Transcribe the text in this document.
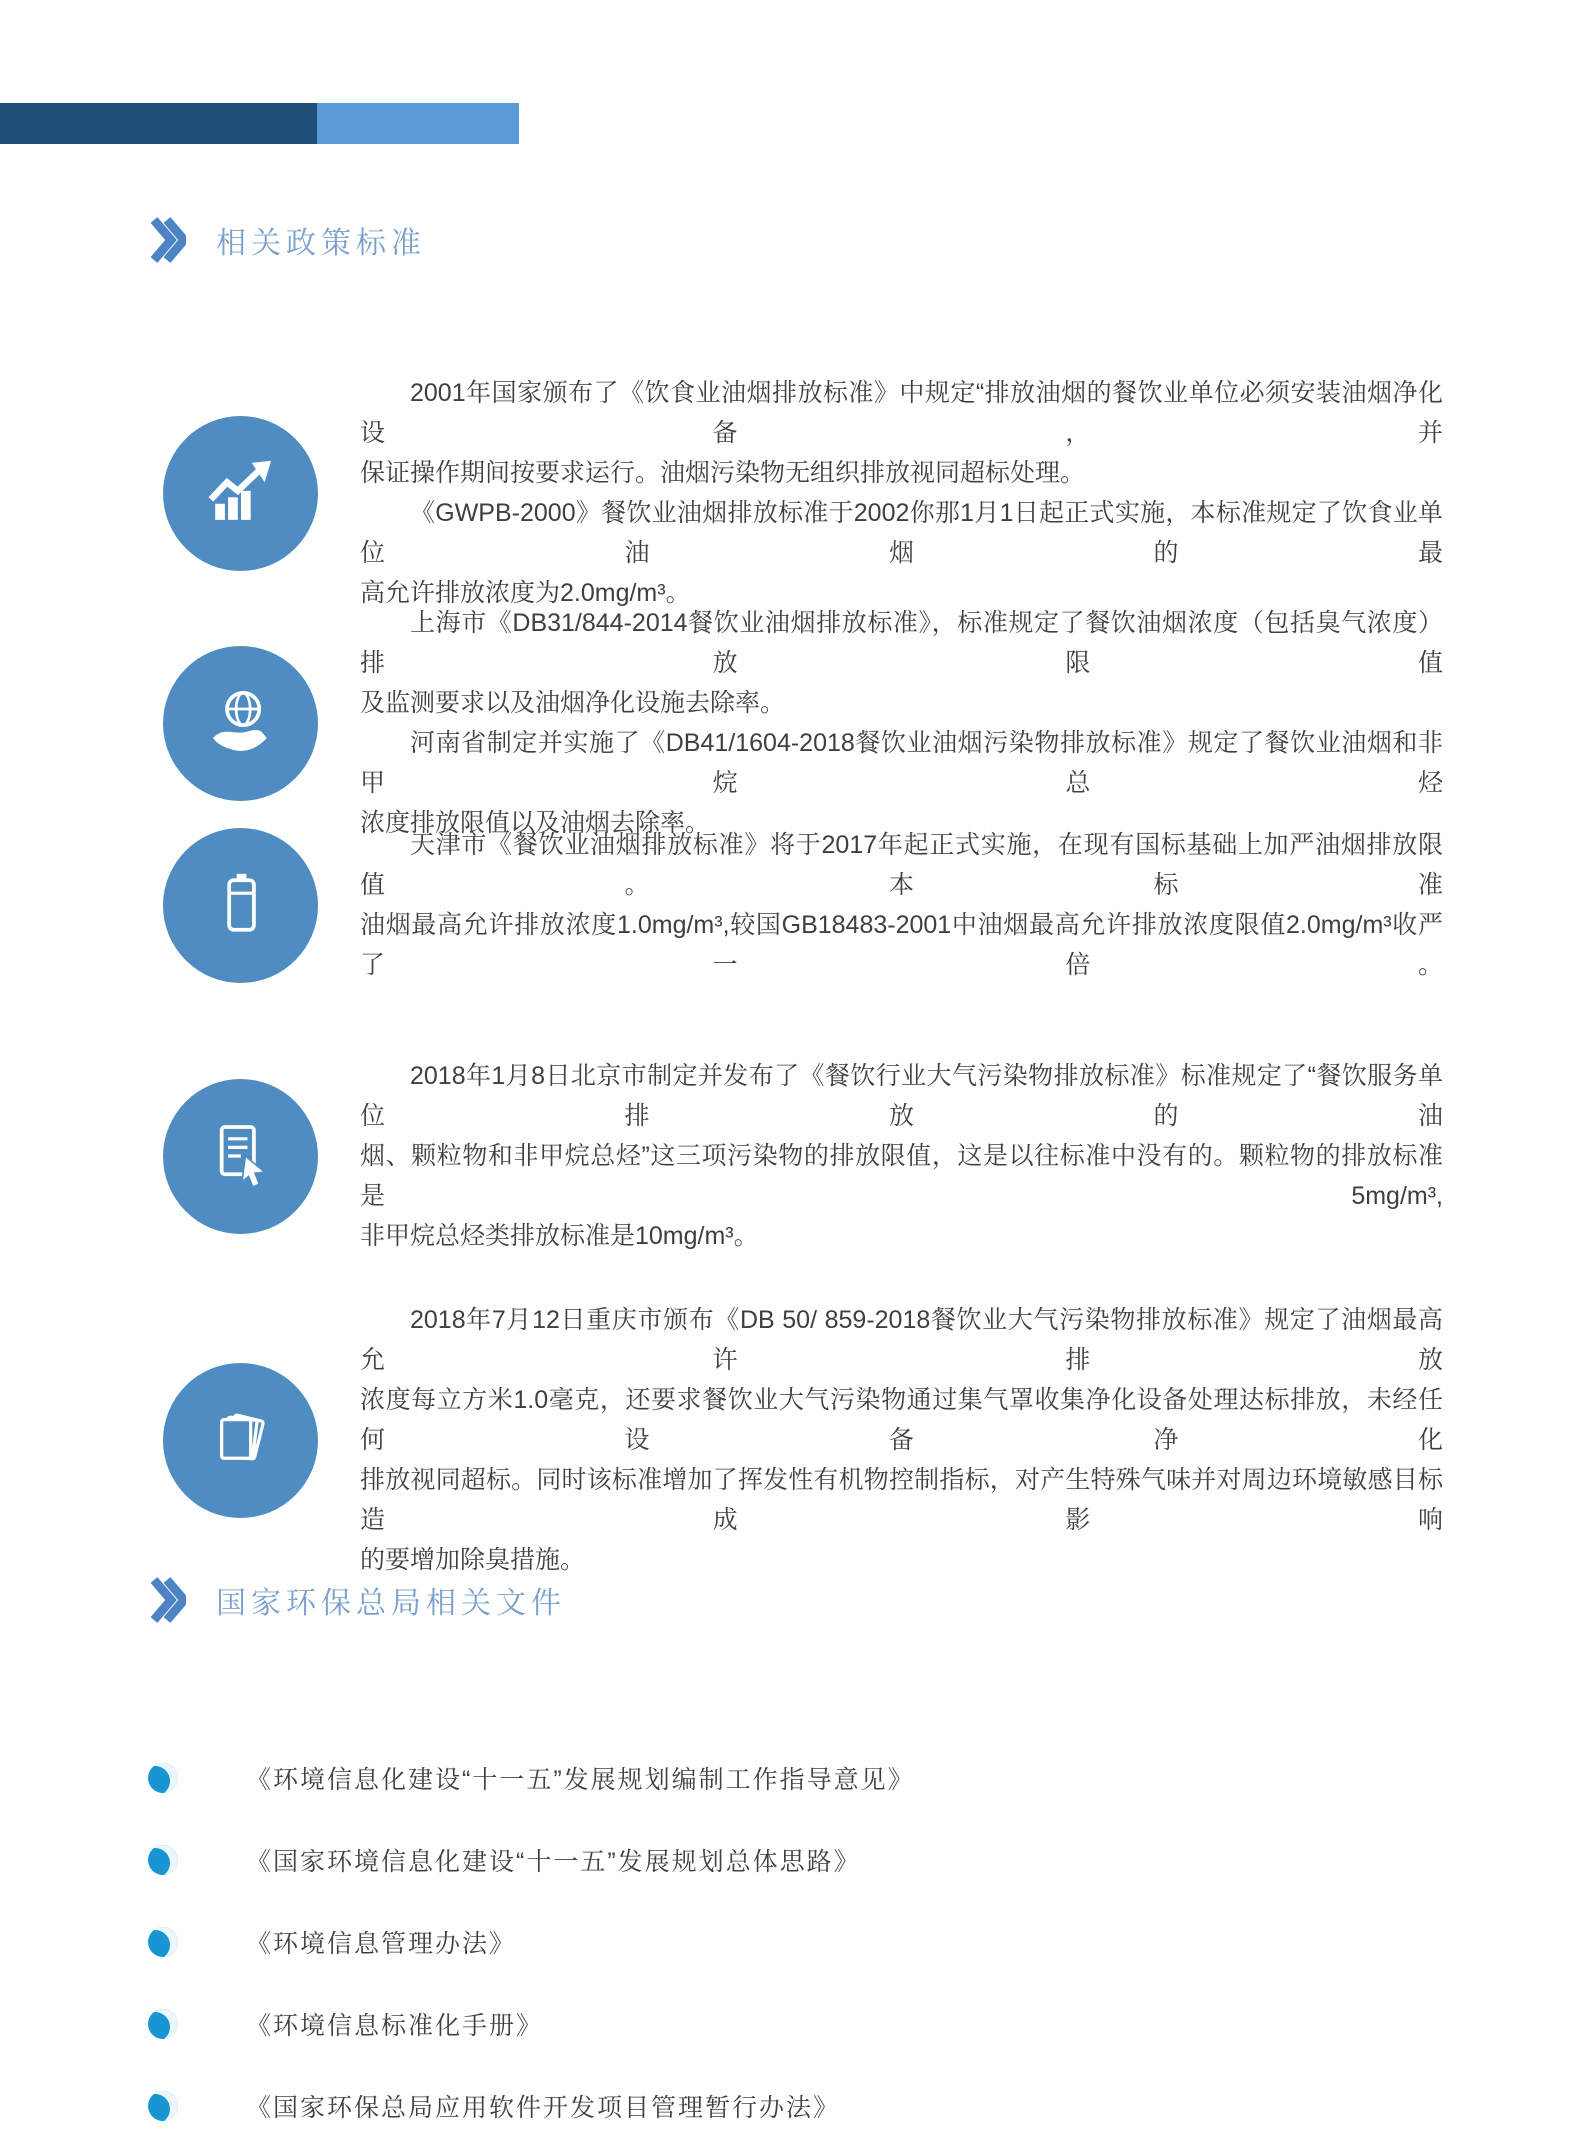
相关政策标准
2001年国家颁布了《饮食业油烟排放标准》中规定“排放油烟的餐饮业单位必须安装油烟净化设备，并
保证操作期间按要求运行。油烟污染物无组织排放视同超标处理。
《GWPB-2000》餐饮业油烟排放标准于2002你那1月1日起正式实施，本标准规定了饮食业单位油烟的最
高允许排放浓度为2.0mg/m³。
上海市《DB31/844-2014餐饮业油烟排放标准》，标准规定了餐饮油烟浓度（包括臭气浓度）排放限值
及监测要求以及油烟净化设施去除率。
河南省制定并实施了《DB41/1604-2018餐饮业油烟污染物排放标准》规定了餐饮业油烟和非甲烷总烃
浓度排放限值以及油烟去除率。
天津市《餐饮业油烟排放标准》将于2017年起正式实施，在现有国标基础上加严油烟排放限值。本标准
油烟最高允许排放浓度1.0mg/m³,较国GB18483-2001中油烟最高允许排放浓度限值2.0mg/m³收严了一倍。
2018年1月8日北京市制定并发布了《餐饮行业大气污染物排放标准》标准规定了“餐饮服务单位排放的油
烟、颗粒物和非甲烷总烃”这三项污染物的排放限值，这是以往标准中没有的。颗粒物的排放标准是5mg/m³,
非甲烷总烃类排放标准是10mg/m³。
2018年7月12日重庆市颁布《DB 50/ 859-2018餐饮业大气污染物排放标准》规定了油烟最高允许排放
浓度每立方米1.0毫克，还要求餐饮业大气污染物通过集气罩收集净化设备处理达标排放，未经任何设备净化
排放视同超标。同时该标准增加了挥发性有机物控制指标，对产生特殊气味并对周边环境敏感目标造成影响
的要增加除臭措施。
国家环保总局相关文件
《环境信息化建设“十一五”发展规划编制工作指导意见》
《国家环境信息化建设“十一五”发展规划总体思路》
《环境信息管理办法》
《环境信息标准化手册》
《国家环保总局应用软件开发项目管理暂行办法》
